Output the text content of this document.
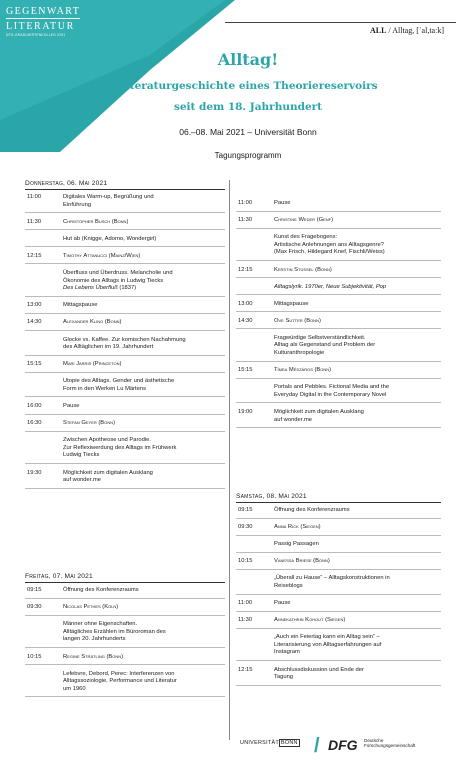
GEGENWART
LITERATUR
DFG-GRADUIERTENKOLLEG 2291	ALL / Alltag, [ˈal,taːk]
Alltag!
Literaturgeschichte eines Theoriereservoirs
seit dem 18. Jahrhundert
06.–08. Mai 2021 – Universität Bonn
Tagungsprogramm
Donnerstag, 06. Mai 2021
11:00	Digitales Warm-up, Begrüßung und
Einführung
11:30	Christopher Busch (Bonn)
Hut ab (Knigge, Adorno, Wondergirl)
12:15	Timothy Attanucci (Mainz/Wien)
Überfluss und Überdruss. Melancholie und
Ökonomie des Alltags in Ludwig Tiecks
Des Lebens Überfluß (1837)
13:00	Mittagspause
14:30	Alexander Kling (Bonn)
Glocke vs. Kaffee. Zur komischen Nachahmung
des Alltäglichen im 19. Jahrhundert
15:15	Mari Jarris (Princeton)
Utopie des Alltags. Gender und ästhetische
Form in den Werken Lu Märtens
16:00	Pause
16:30	Stefan Geyer (Bonn)
Zwischen Apotheose und Parodie.
Zur Reflexiwerdung des Alltags im Frühwerk
Ludwig Tiecks
19:30	Möglichkeit zum digitalen Ausklang
auf wonder.me
Freitag, 07. Mai 2021
09:15	Öffnung des Konferenzraums
09:30	Nicolas Pethes (Köln)
Männer ohne Eigenschaften.
Alltägliches Erzählen im Büroroman des
langen 20. Jahrhunderts
10:15	Regine Strätling (Bonn)
Lefebvre, Debord, Perec: Interferenzen von
Alltagssoziologie, Performance und Literatur
um 1960
11:00	Pause
11:30	Christine Weder (Genf)
Kunst des Fragebogens:
Artistische Anlehnungen ans Alltagsgenre?
(Max Frisch, Hildegard Knef, Fischli/Weiss)
12:15	Kerstin Stüssel (Bonn)
Alltagslyrik. 1970er, Neue Subjektivität, Pop
13:00	Mittagspause
14:30	Ove Sutter (Bonn)
Fragwürdige Selbstverständlichkeit.
Alltag als Gegenstand und Problem der
Kulturanthropologie
15:15	Tímea Mészáros (Bonn)
Portals and Pebbles. Fictional Media and the
Everyday Digital in the Contemporary Novel
19:00	Möglichkeit zum digitalen Ausklang
auf wonder.me
Samstag, 08. Mai 2021
09:15	Öffnung des Konferenzraums
09:30	Anna Rick (Siegen)
Passig Passagen
10:15	Vanessa Briese (Bonn)
„Überall zu Hause“ – Alltagskonstruktionen in
Reiseblogs
11:00	Pause
11:30	Annekathrin Kohout (Siegen)
„Auch ein Feiertag kann ein Alltag sein“ –
Literarisierung von Alltagserfahrungen auf
Instagram
12:15	Abschlussdiskussion und Ende der
Tagung
UNIVERSITÄT BONN / DFG Deutsche
Forschungsgemeinschaft
